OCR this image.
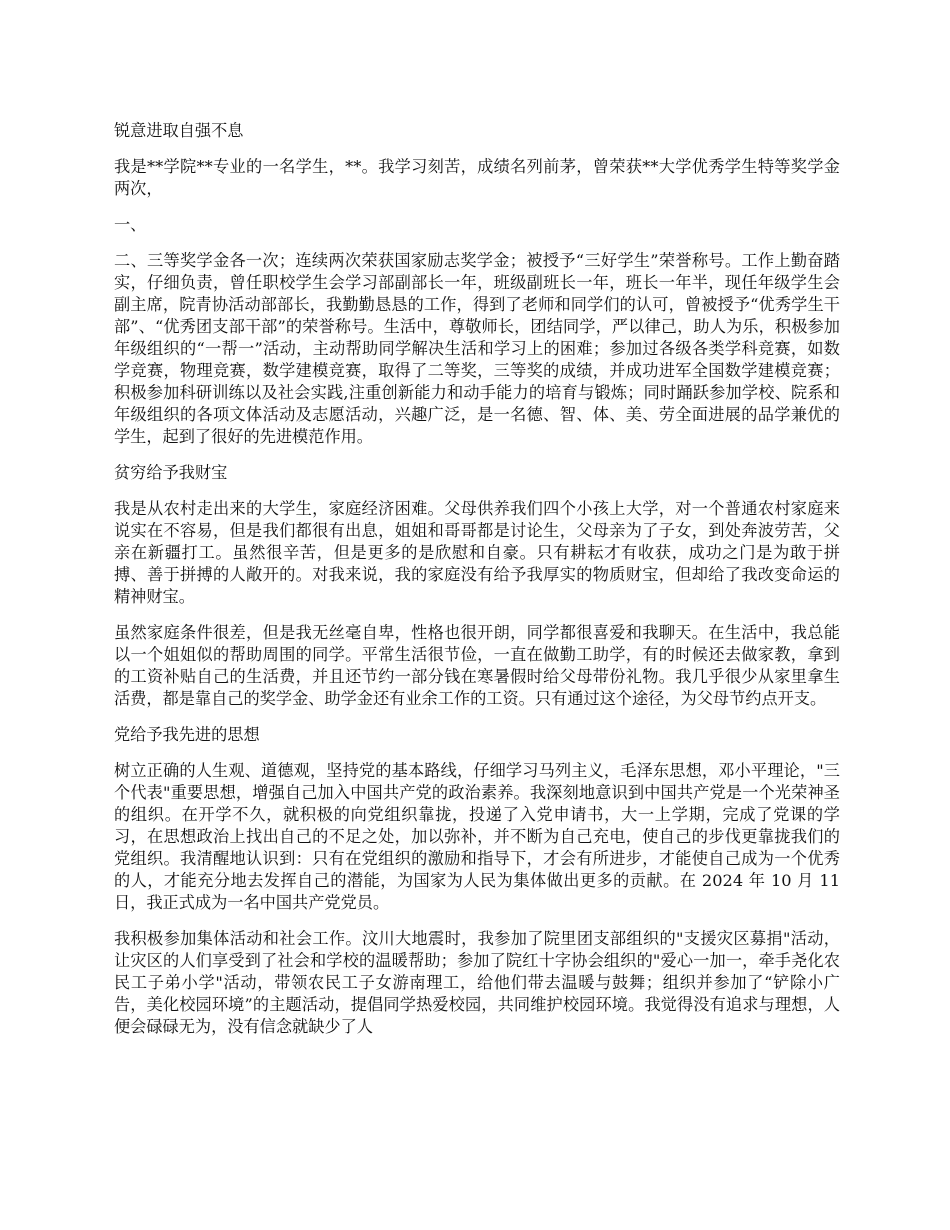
锐意进取自强不息

我是**学院**专业的一名学生，**。我学习刻苦，成绩名列前茅，曾荣获**大学优秀学生特等奖学金两次，

一、

二、三等奖学金各一次；连续两次荣获国家励志奖学金；被授予“三好学生”荣誉称号。工作上勤奋踏实，仔细负责，曾任职校学生会学习部副部长一年，班级副班长一年，班长一年半，现任年级学生会副主席，院青协活动部部长，我勤勤恳恳的工作，得到了老师和同学们的认可，曾被授予“优秀学生干部”、“优秀团支部干部”的荣誉称号。生活中，尊敬师长，团结同学，严以律己，助人为乐，积极参加年级组织的“一帮一”活动，主动帮助同学解决生活和学习上的困难；参加过各级各类学科竞赛，如数学竞赛，物理竞赛，数学建模竞赛，取得了二等奖，三等奖的成绩，并成功进军全国数学建模竞赛；积极参加科研训练以及社会实践,注重创新能力和动手能力的培育与锻炼；同时踊跃参加学校、院系和年级组织的各项文体活动及志愿活动，兴趣广泛，是一名德、智、体、美、劳全面进展的品学兼优的学生，起到了很好的先进模范作用。

贫穷给予我财宝

我是从农村走出来的大学生，家庭经济困难。父母供养我们四个小孩上大学，对一个普通农村家庭来说实在不容易，但是我们都很有出息，姐姐和哥哥都是讨论生，父母亲为了子女，到处奔波劳苦，父亲在新疆打工。虽然很辛苦，但是更多的是欣慰和自豪。只有耕耘才有收获，成功之门是为敢于拼搏、善于拼搏的人敞开的。对我来说，我的家庭没有给予我厚实的物质财宝，但却给了我改变命运的精神财宝。

虽然家庭条件很差，但是我无丝毫自卑，性格也很开朗，同学都很喜爱和我聊天。在生活中，我总能以一个姐姐似的帮助周围的同学。平常生活很节俭，一直在做勤工助学，有的时候还去做家教，拿到的工资补贴自己的生活费，并且还节约一部分钱在寒暑假时给父母带份礼物。我几乎很少从家里拿生活费，都是靠自己的奖学金、助学金还有业余工作的工资。只有通过这个途径，为父母节约点开支。

党给予我先进的思想

树立正确的人生观、道德观，坚持党的基本路线，仔细学习马列主义，毛泽东思想，邓小平理论，"三个代表"重要思想，增强自己加入中国共产党的政治素养。我深刻地意识到中国共产党是一个光荣神圣的组织。在开学不久，就积极的向党组织靠拢，投递了入党申请书，大一上学期，完成了党课的学习，在思想政治上找出自己的不足之处，加以弥补，并不断为自己充电，使自己的步伐更靠拢我们的党组织。我清醒地认识到：只有在党组织的激励和指导下，才会有所进步，才能使自己成为一个优秀的人，才能充分地去发挥自己的潜能，为国家为人民为集体做出更多的贡献。在 2024 年 10 月 11 日，我正式成为一名中国共产党党员。

我积极参加集体活动和社会工作。汶川大地震时，我参加了院里团支部组织的"支援灾区募捐"活动，让灾区的人们享受到了社会和学校的温暖帮助；参加了院红十字协会组织的"爱心一加一，牵手尧化农民工子弟小学"活动，带领农民工子女游南理工，给他们带去温暖与鼓舞；组织并参加了“铲除小广告，美化校园环境”的主题活动，提倡同学热爱校园，共同维护校园环境。我觉得没有追求与理想，人便会碌碌无为，没有信念就缺少了人
